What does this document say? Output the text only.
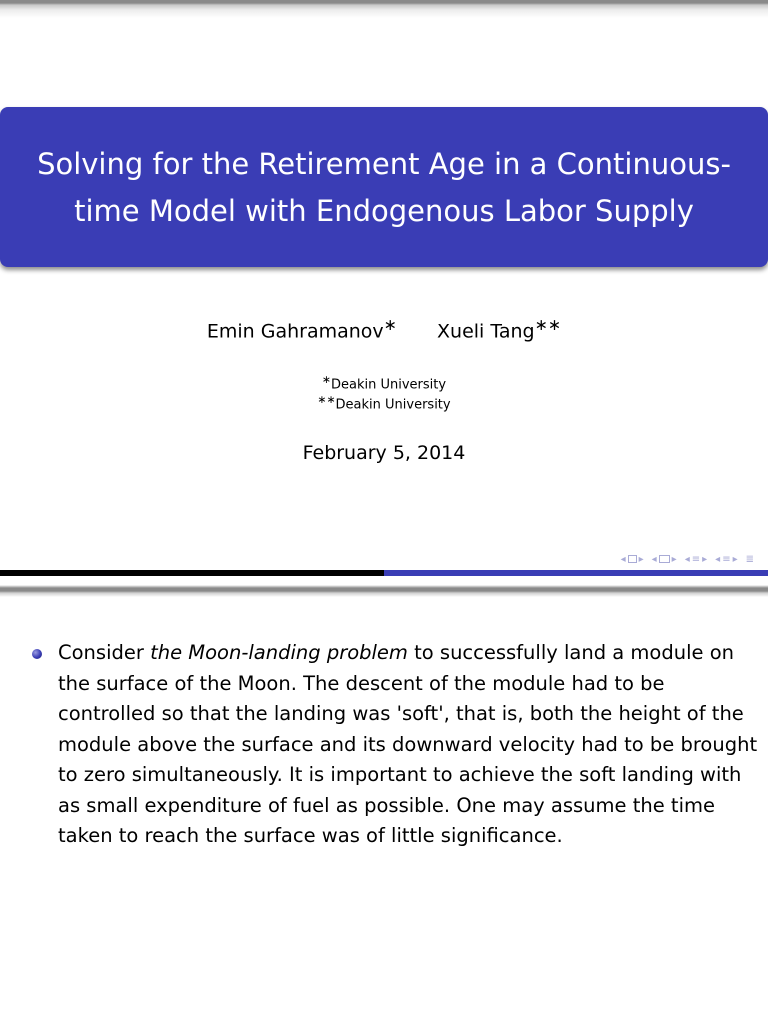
Solving for the Retirement Age in a Continuous-time Model with Endogenous Labor Supply
Emin Gahramanov∗ Xueli Tang∗∗
∗Deakin University
∗∗Deakin University
February 5, 2014
◂ ▸ ◂ ▸ ◂ ≡ ▸ ◂ ≡ ▸ ≣
Consider the Moon-landing problem to successfully land a module on the surface of the Moon. The descent of the module had to be controlled so that the landing was 'soft', that is, both the height of the module above the surface and its downward velocity had to be brought to zero simultaneously. It is important to achieve the soft landing with as small expenditure of fuel as possible. One may assume the time taken to reach the surface was of little significance.
